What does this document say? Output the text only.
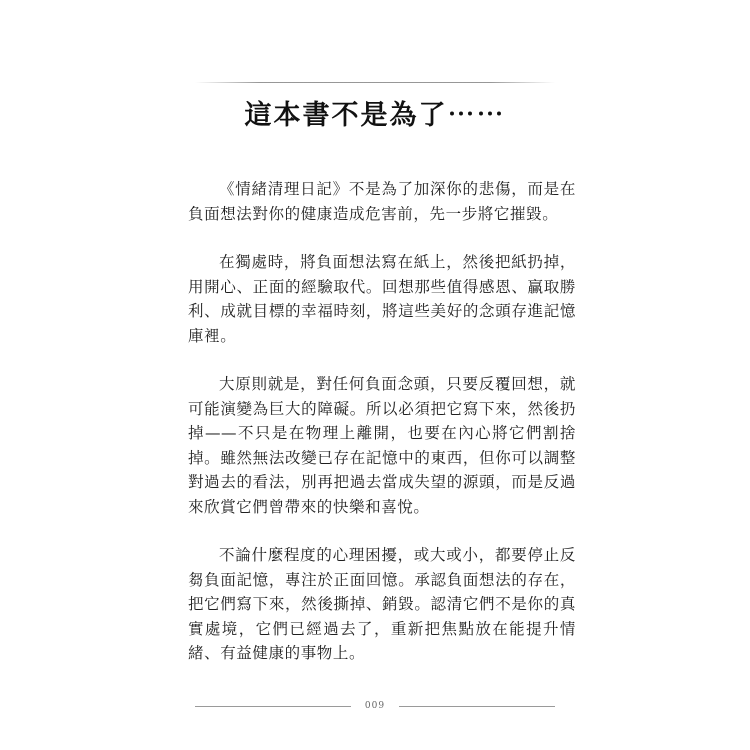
這本書不是為了⋯⋯

《情緒清理日記》不是為了加深你的悲傷，而是在負面想法對你的健康造成危害前，先一步將它摧毀。

在獨處時，將負面想法寫在紙上，然後把紙扔掉，用開心、正面的經驗取代。回想那些值得感恩、贏取勝利、成就目標的幸福時刻，將這些美好的念頭存進記憶庫裡。

大原則就是，對任何負面念頭，只要反覆回想，就可能演變為巨大的障礙。所以必須把它寫下來，然後扔掉——不只是在物理上離開，也要在內心將它們割捨掉。雖然無法改變已存在記憶中的東西，但你可以調整對過去的看法，別再把過去當成失望的源頭，而是反過來欣賞它們曾帶來的快樂和喜悅。

不論什麼程度的心理困擾，或大或小，都要停止反芻負面記憶，專注於正面回憶。承認負面想法的存在，把它們寫下來，然後撕掉、銷毀。認清它們不是你的真實處境，它們已經過去了，重新把焦點放在能提升情緒、有益健康的事物上。

009
